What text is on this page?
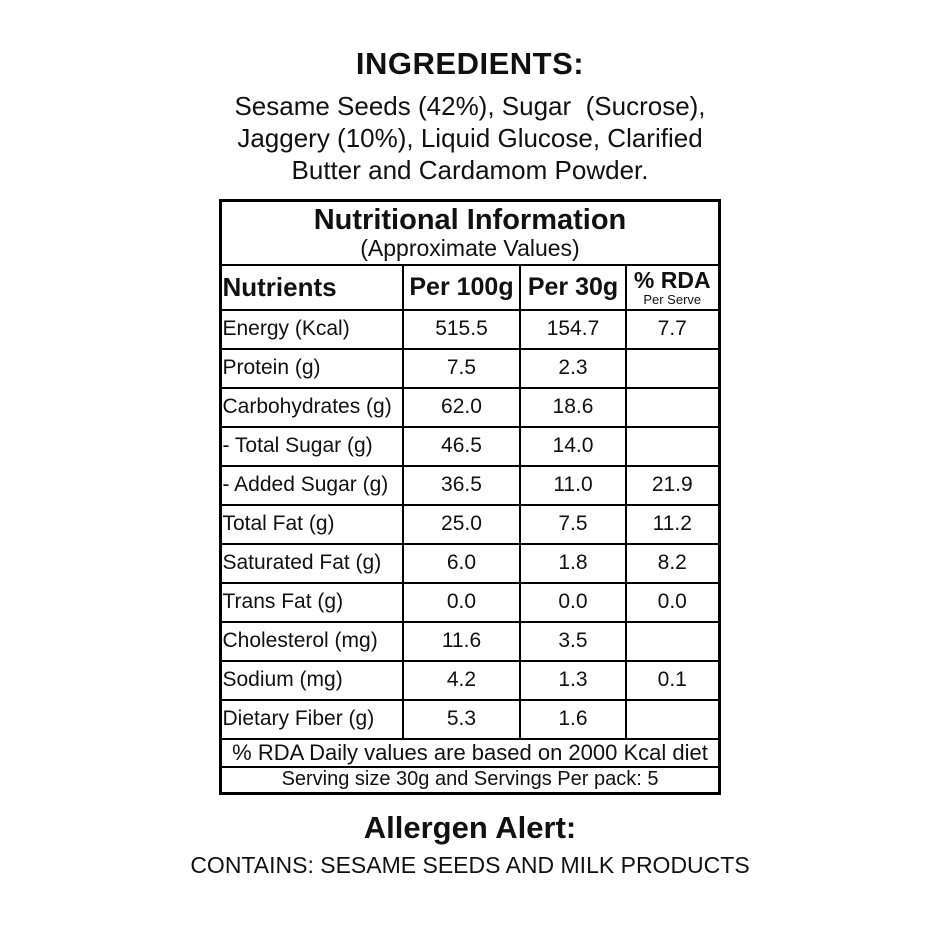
INGREDIENTS:
Sesame Seeds (42%), Sugar  (Sucrose),
Jaggery (10%), Liquid Glucose, Clarified
Butter and Cardamom Powder.
Nutritional Information
(Approximate Values)			

Nutrients	Per 100g	Per 30g	% RDA
Per Serve

Energy (Kcal)	515.5	154.7	7.7
Protein (g)	7.5	2.3	
Carbohydrates (g)	62.0	18.6	
- Total Sugar (g)	46.5	14.0	
- Added Sugar (g)	36.5	11.0	21.9
Total Fat (g)	25.0	7.5	11.2
Saturated Fat (g)	6.0	1.8	8.2
Trans Fat (g)	0.0	0.0	0.0
Cholesterol (mg)	11.6	3.5	
Sodium (mg)	4.2	1.3	0.1
Dietary Fiber (g)	5.3	1.6	
% RDA Daily values are based on 2000 Kcal diet			
Serving size 30g and Servings Per pack: 5			
Allergen Alert:
CONTAINS: SESAME SEEDS AND MILK PRODUCTS
